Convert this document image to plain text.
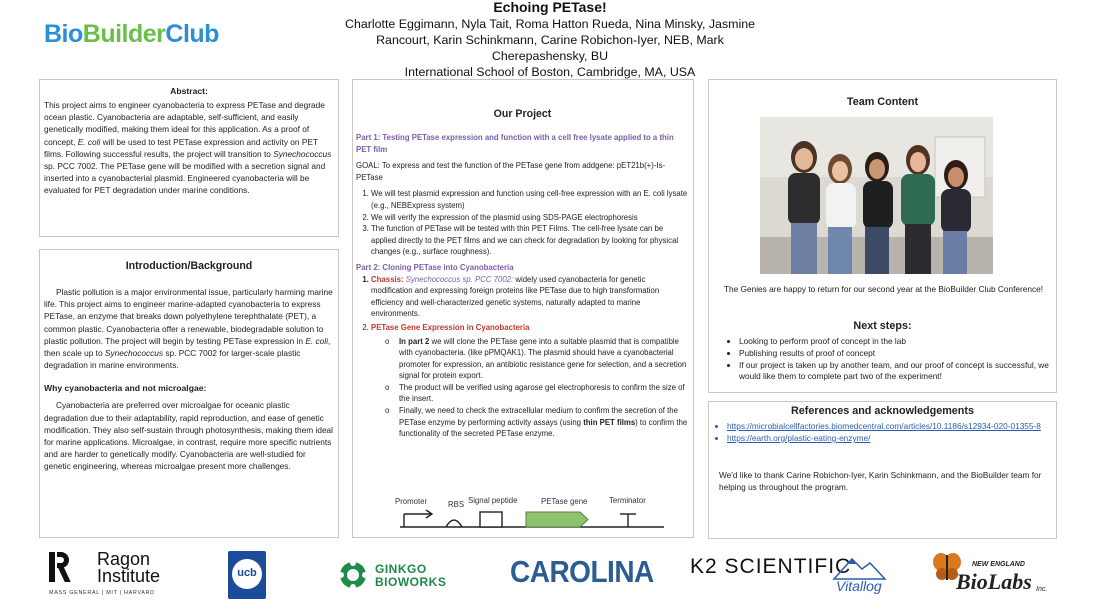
BioBuilderClub
Echoing PETase!
Charlotte Eggimann, Nyla Tait, Roma Hatton Rueda, Nina Minsky, Jasmine
Rancourt, Karin Schinkmann, Carine Robichon-Iyer, NEB, Mark
Cherepashensky, BU
International School of Boston, Cambridge, MA, USA
Abstract:
This project aims to engineer cyanobacteria to express PETase and degrade ocean plastic. Cyanobacteria are adaptable, self-sufficient, and easily genetically modified, making them ideal for this application. As a proof of concept, E. coli will be used to test PETase expression and activity on PET films. Following successful results, the project will transition to Synechococcus sp. PCC 7002. The PETase gene will be modified with a secretion signal and inserted into a cyanobacterial plasmid. Engineered cyanobacteria will be evaluated for PET degradation under marine conditions.
Introduction/Background
Plastic pollution is a major environmental issue, particularly harming marine life. This project aims to engineer marine-adapted cyanobacteria to express PETase, an enzyme that breaks down polyethylene terephthalate (PET), a common plastic. Cyanobacteria offer a renewable, biodegradable solution to plastic pollution. The project will begin by testing PETase expression in E. coli, then scale up to Synechococcus sp. PCC 7002 for larger-scale plastic degradation in marine environments.
Why cyanobacteria and not microalgae:
Cyanobacteria are preferred over microalgae for oceanic plastic degradation due to their adaptability, rapid reproduction, and ease of genetic modification. They also self-sustain through photosynthesis, making them ideal for marine applications. Microalgae, in contrast, require more specific nutrients and are harder to genetically modify. Cyanobacteria are well-studied for genetic engineering, whereas microalgae present more challenges.
Our Project
Part 1: Testing PETase expression and function with a cell free lysate applied to a thin PET film
GOAL: To express and test the function of the PETase gene from addgene: pET21b(+)-Is-PETase
1. We will test plasmid expression and function using cell-free expression with an E. coli lysate (e.g., NEBExpress system)
2. We will verify the expression of the plasmid using SDS-PAGE electrophoresis
3. The function of PETase will be tested with thin PET Films. The cell-free lysate can be applied directly to the PET films and we can check for degradation by looking for physical changes (e.g., surface roughness).
Part 2: Cloning PETase into Cyanobacteria
1. Chassis: Synechococcus sp. PCC 7002: widely used cyanobacteria for genetic modification and expressing foreign proteins like PETase due to high transformation efficiency and well-characterized genetic systems, naturally adapted to marine environments.
2. PETase Gene Expression in Cyanobacteria
o In part 2 we will clone the PETase gene into a suitable plasmid that is compatible with cyanobacteria. (like pPMQAK1). The plasmid should have a cyanobacterial promoter for expression, an antibiotic resistance gene for selection, and a secretion signal for protein export.
o The product will be verified using agarose gel electrophoresis to confirm the size of the insert.
o Finally, we need to check the extracellular medium to confirm the secretion of the PETase enzyme by performing activity assays (using thin PET films) to confirm the functionality of the secreted PETase enzyme.
Promoter	RBS Signal peptide	PETase gene	Terminator
Team Content
The Genies are happy to return for our second year at the BioBuilder Club Conference!
Next steps:
• Looking to perform proof of concept in the lab
• Publishing results of proof of concept
• If our project is taken up by another team, and our proof of concept is successful, we would like them to complete part two of the experiment!
References and acknowledgements
• https://microbialcellfactories.biomedcentral.com/articles/10.1186/s12934-020-01355-8
• https://earth.org/plastic-eating-enzyme/
We'd like to thank Carine Robichon-Iyer, Karin Schinkmann, and the BioBuilder team for helping us throughout the program.
Ragon
Institute
MASS GENERAL | MIT | HARVARD
ucb	GINKGO
BIOWORKS CAROLINA K2 SCIENTIFIC
Vitallog
NEW ENGLAND
BioLabs Inc.
